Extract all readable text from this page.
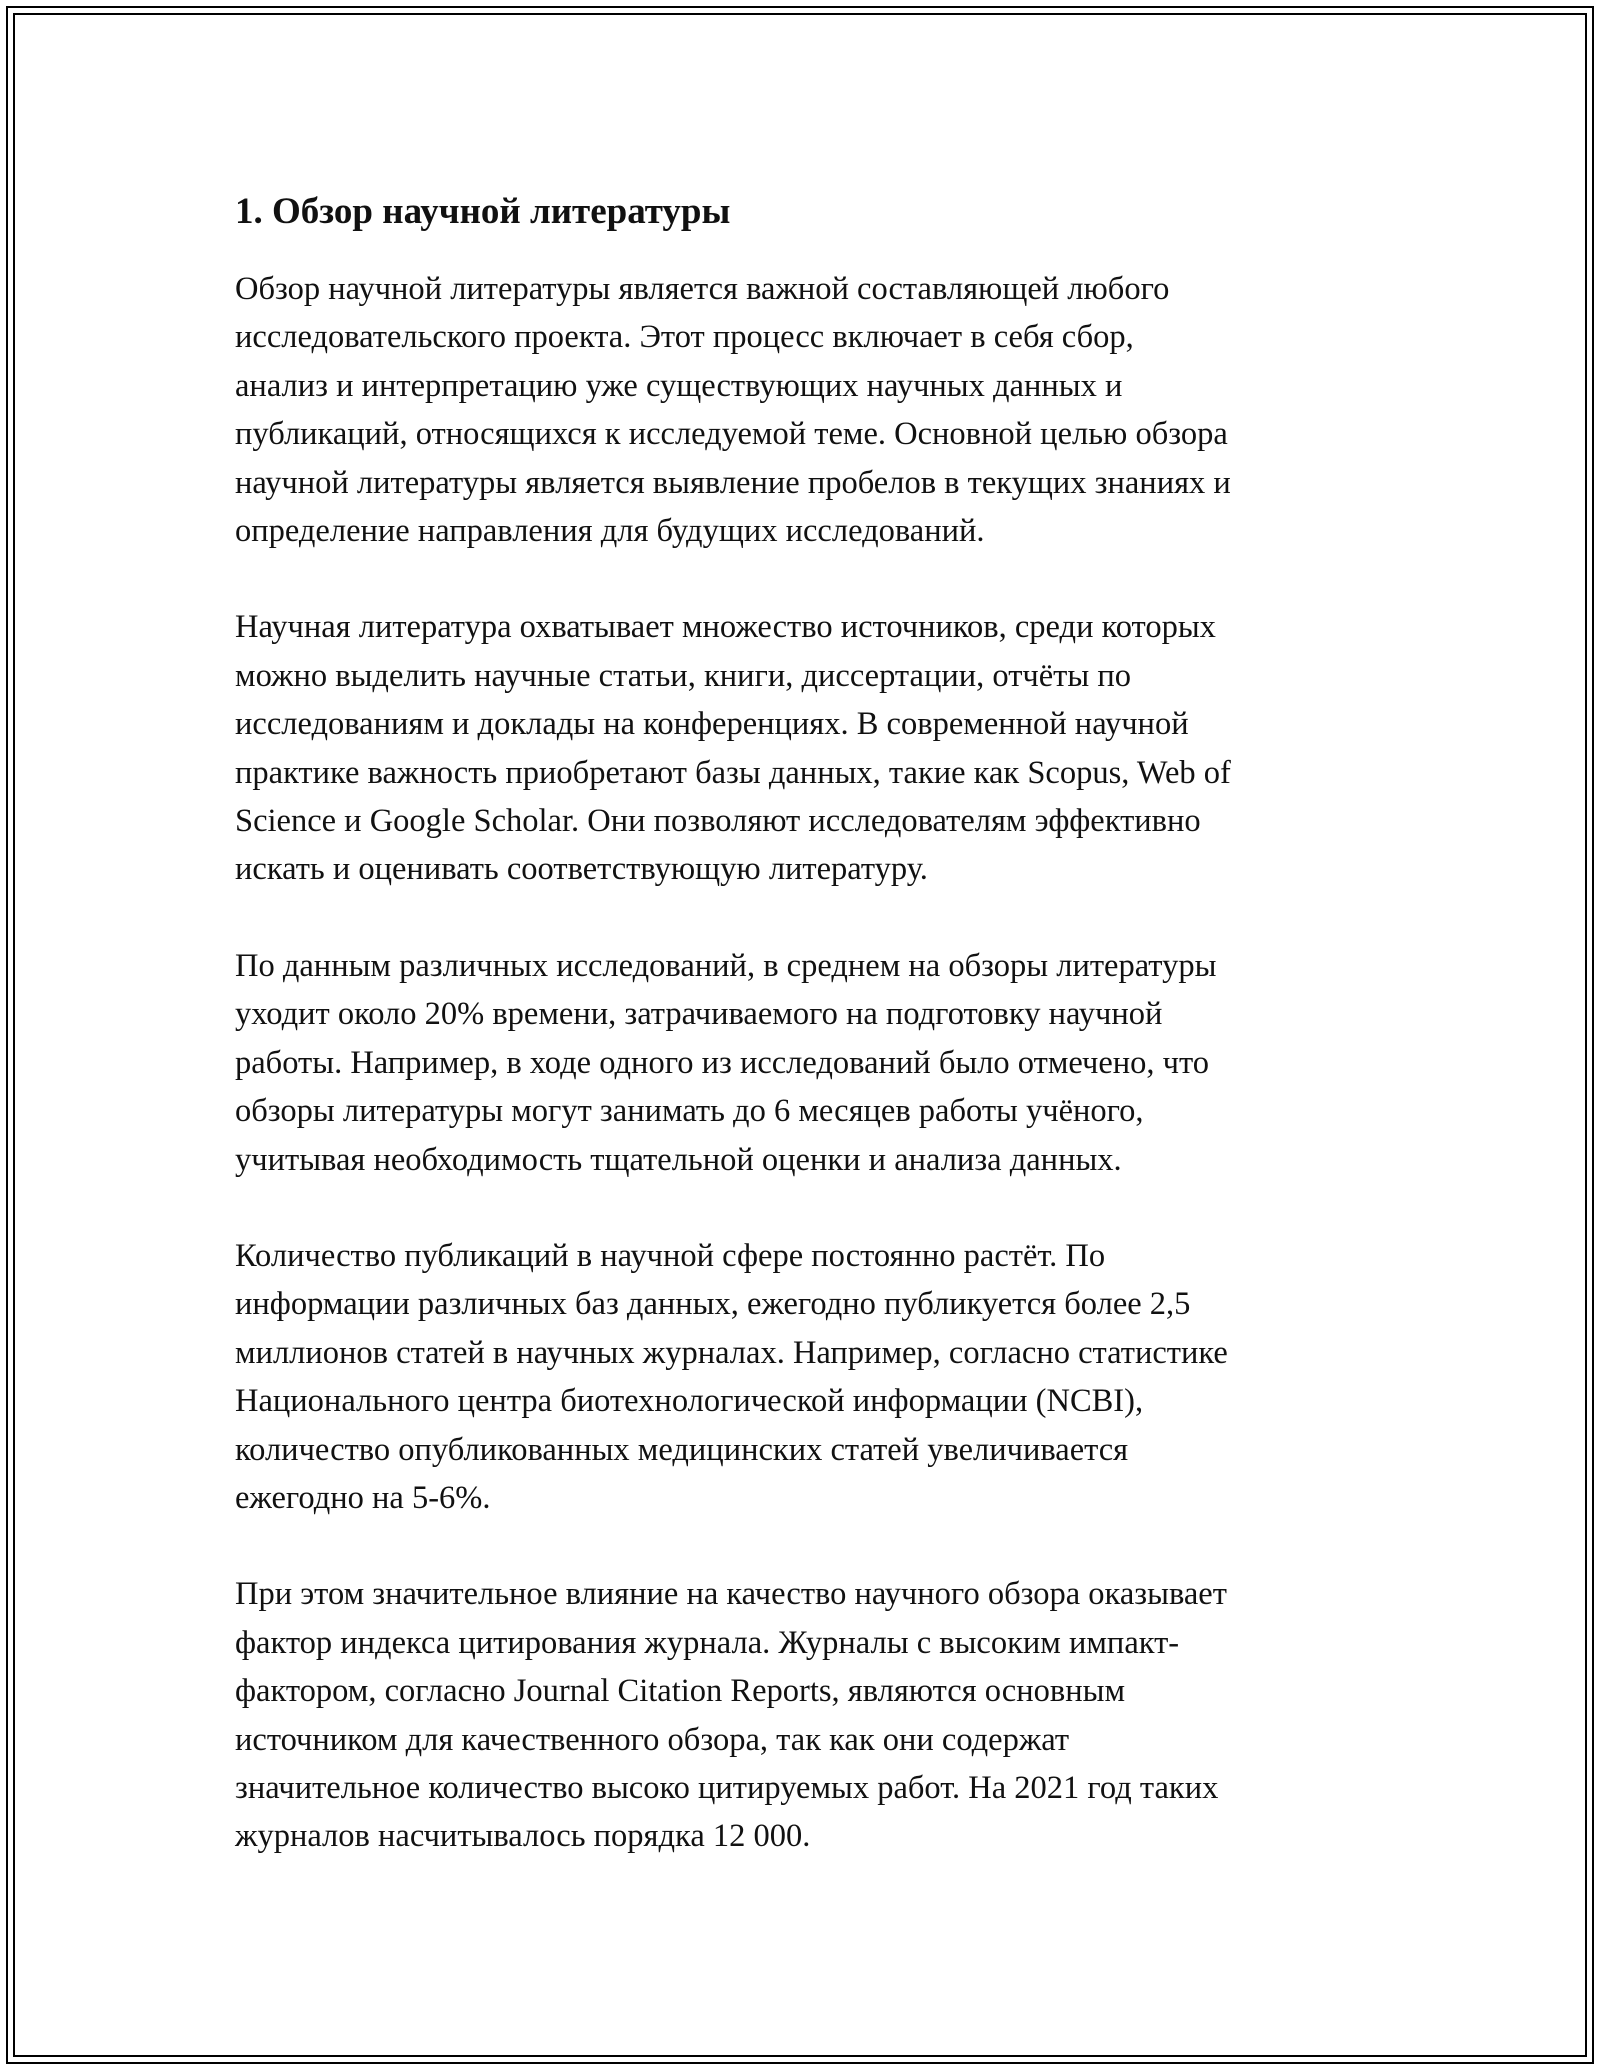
1. Обзор научной литературы

Обзор научной литературы является важной составляющей любого
исследовательского проекта. Этот процесс включает в себя сбор,
анализ и интерпретацию уже существующих научных данных и
публикаций, относящихся к исследуемой теме. Основной целью обзора
научной литературы является выявление пробелов в текущих знаниях и
определение направления для будущих исследований.

Научная литература охватывает множество источников, среди которых
можно выделить научные статьи, книги, диссертации, отчёты по
исследованиям и доклады на конференциях. В современной научной
практике важность приобретают базы данных, такие как Scopus, Web of
Science и Google Scholar. Они позволяют исследователям эффективно
искать и оценивать соответствующую литературу.

По данным различных исследований, в среднем на обзоры литературы
уходит около 20% времени, затрачиваемого на подготовку научной
работы. Например, в ходе одного из исследований было отмечено, что
обзоры литературы могут занимать до 6 месяцев работы учёного,
учитывая необходимость тщательной оценки и анализа данных.

Количество публикаций в научной сфере постоянно растёт. По
информации различных баз данных, ежегодно публикуется более 2,5
миллионов статей в научных журналах. Например, согласно статистике
Национального центра биотехнологической информации (NCBI),
количество опубликованных медицинских статей увеличивается
ежегодно на 5-6%.

При этом значительное влияние на качество научного обзора оказывает
фактор индекса цитирования журнала. Журналы с высоким импакт-
фактором, согласно Journal Citation Reports, являются основным
источником для качественного обзора, так как они содержат
значительное количество высоко цитируемых работ. На 2021 год таких
журналов насчитывалось порядка 12 000.
